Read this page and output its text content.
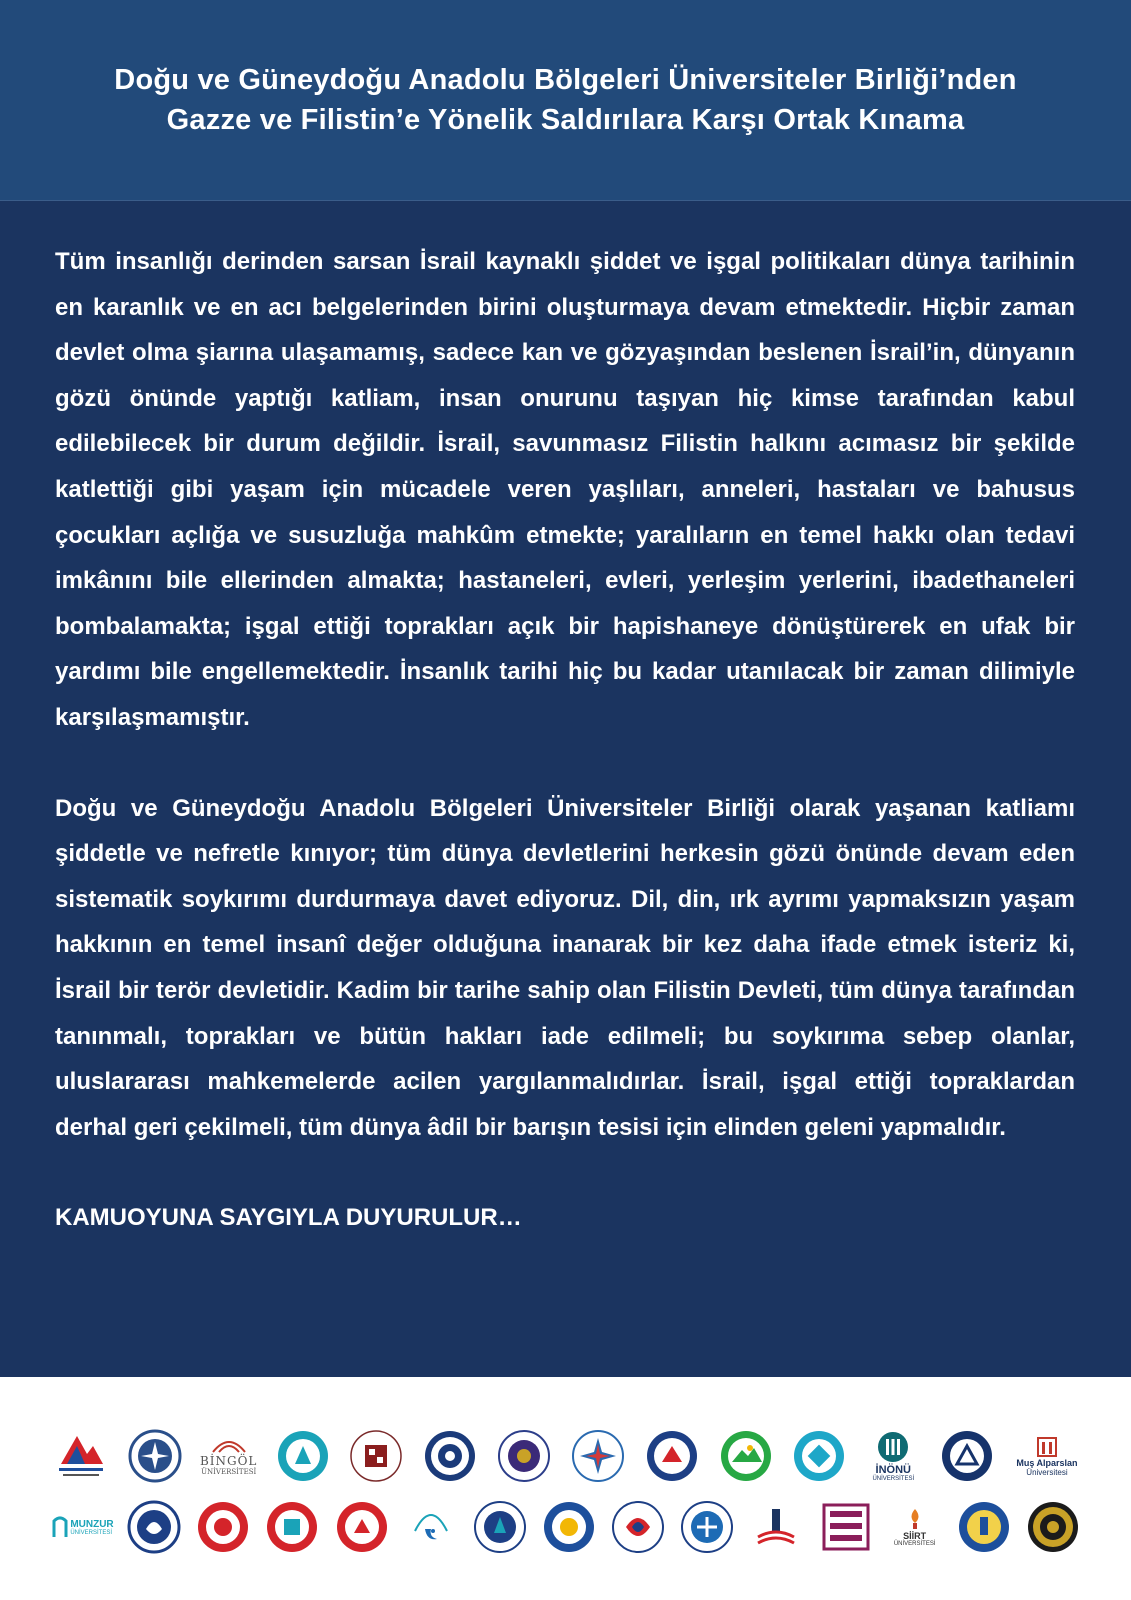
Doğu ve Güneydoğu Anadolu Bölgeleri Üniversiteler Birliği’nden
Gazze ve Filistin’e Yönelik Saldırılara Karşı Ortak Kınama

Tüm insanlığı derinden sarsan İsrail kaynaklı şiddet ve işgal politikaları dünya tarihinin en karanlık ve en acı belgelerinden birini oluşturmaya devam etmektedir. Hiçbir zaman devlet olma şiarına ulaşamamış, sadece kan ve gözyaşından beslenen İsrail’in, dünyanın gözü önünde yaptığı katliam, insan onurunu taşıyan hiç kimse tarafından kabul edilebilecek bir durum değildir. İsrail, savunmasız Filistin halkını acımasız bir şekilde katlettiği gibi yaşam için mücadele veren yaşlıları, anneleri, hastaları ve bahusus çocukları açlığa ve susuzluğa mahkûm etmekte; yaralıların en temel hakkı olan tedavi imkânını bile ellerinden almakta; hastaneleri, evleri, yerleşim yerlerini, ibadethaneleri bombalamakta; işgal ettiği toprakları açık bir hapishaneye dönüştürerek en ufak bir yardımı bile engellemektedir. İnsanlık tarihi hiç bu kadar utanılacak bir zaman dilimiyle karşılaşmamıştır.

Doğu ve Güneydoğu Anadolu Bölgeleri Üniversiteler Birliği olarak yaşanan katliamı şiddetle ve nefretle kınıyor; tüm dünya devletlerini herkesin gözü önünde devam eden sistematik soykırımı durdurmaya davet ediyoruz. Dil, din, ırk ayrımı yapmaksızın yaşam hakkının en temel insanî değer olduğuna inanarak bir kez daha ifade etmek isteriz ki, İsrail bir terör devletidir. Kadim bir tarihe sahip olan Filistin Devleti, tüm dünya tarafından tanınmalı, toprakları ve bütün hakları iade edilmeli; bu soykırıma sebep olanlar, uluslararası mahkemelerde acilen yargılanmalıdırlar. İsrail, işgal ettiği topraklardan derhal geri çekilmeli, tüm dünya âdil bir barışın tesisi için elinden geleni yapmalıdır.

KAMUOYUNA SAYGIYLA DUYURULUR…

BİNGÖL
ÜNİVERSİTESİ	İNÖNÜ
ÜNİVERSİTESİ
Muş Alparslan
Üniversitesi
MUNZUR
ÜNİVERSİTESİ	SİİRT
ÜNİVERSİTESİ
